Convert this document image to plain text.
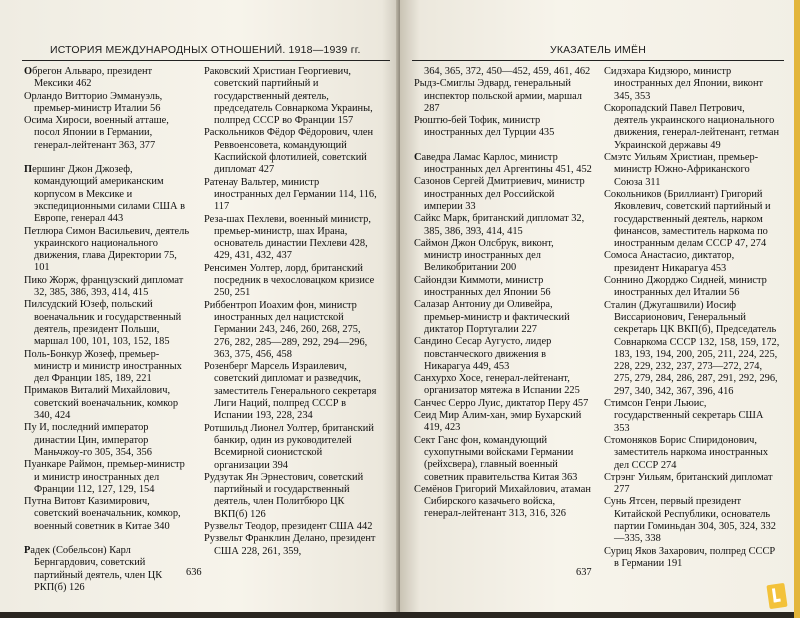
ИСТОРИЯ МЕЖДУНАРОДНЫХ ОТНОШЕНИЙ. 1918—1939 гг.
Обрегон Альваро, президент Мексики 462
Орландо Витторио Эммануэль, премьер-министр Италии 56
Осима Хироси, военный атташе, посол Японии в Германии, генерал-лейтенант 363, 377
Першинг Джон Джозеф, командующий американским корпусом в Мексике и экспедиционными силами США в Европе, генерал 443
Петлюра Симон Васильевич, деятель украинского национального движения, глава Директории 75, 101
Пико Жорж, французский дипломат 32, 385, 386, 393, 414, 415
Пилсудский Юзеф, польский военачальник и государственный деятель, президент Польши, маршал 100, 101, 103, 152, 185
Поль-Бонкур Жозеф, премьер-министр и министр иностранных дел Франции 185, 189, 221
Примаков Виталий Михайлович, советский военачальник, комкор 340, 424
Пу И, последний император династии Цин, император Маньчжоу-го 305, 354, 356
Пуанкаре Раймон, премьер-министр и министр иностранных дел Франции 112, 127, 129, 154
Путна Витовт Казимирович, советский военачальник, комкор, военный советник в Китае 340
Радек (Собельсон) Карл Бернгардович, советский партийный деятель, член ЦК РКП(б) 126
Раковский Христиан Георгиевич, советский партийный и государственный деятель, председатель Совнаркома Украины, полпред СССР во Франции 157
Раскольников Фёдор Фёдорович, член Реввоенсовета, командующий Каспийской флотилией, советский дипломат 427
Ратенау Вальтер, министр иностранных дел Германии 114, 116, 117
Реза-шах Пехлеви, военный министр, премьер-министр, шах Ирана, основатель династии Пехлеви 428, 429, 431, 432, 437
Ренсимен Уолтер, лорд, британский посредник в чехословацком кризисе 250, 251
Риббентроп Иоахим фон, министр иностранных дел нацистской Германии 243, 246, 260, 268, 275, 276, 282, 285—289, 292, 294—296, 363, 375, 456, 458
Розенберг Марсель Израилевич, советский дипломат и разведчик, заместитель Генерального секретаря Лиги Наций, полпред СССР в Испании 193, 228, 234
Ротшильд Лионел Уолтер, британский банкир, один из руководителей Всемирной сионистской организации 394
Рудзутак Ян Эрнестович, советский партийный и государственный деятель, член Политбюро ЦК ВКП(б) 126
Рузвельт Теодор, президент США 442
Рузвельт Франклин Делано, президент США 228, 261, 359,
636
УКАЗАТЕЛЬ ИМЁН
364, 365, 372, 450—452, 459, 461, 462
Рыдз-Смиглы Эдвард, генеральный инспектор польской армии, маршал 287
Рюштю-бей Тофик, министр иностранных дел Турции 435
Саведра Ламас Карлос, министр иностранных дел Аргентины 451, 452
Сазонов Сергей Дмитриевич, министр иностранных дел Российской империи 33
Сайкс Марк, британский дипломат 32, 385, 386, 393, 414, 415
Саймон Джон Олсбрук, виконт, министр иностранных дел Великобритании 200
Сайондзи Киммоти, министр иностранных дел Японии 56
Салазар Антониу ди Оливейра, премьер-министр и фактический диктатор Португалии 227
Сандино Сесар Аугусто, лидер повстанческого движения в Никарагуа 449, 453
Санхурхо Хосе, генерал-лейтенант, организатор мятежа в Испании 225
Санчес Серро Луис, диктатор Перу 457
Сеид Мир Алим-хан, эмир Бухарский 419, 423
Сект Ганс фон, командующий сухопутными войсками Германии (рейхсвера), главный военный советник правительства Китая 363
Семёнов Григорий Михайлович, атаман Сибирского казачьего войска, генерал-лейтенант 313, 316, 326
Сидэхара Кидзюро, министр иностранных дел Японии, виконт 345, 353
Скоропадский Павел Петрович, деятель украинского национального движения, генерал-лейтенант, гетман Украинской державы 49
Смэтс Уильям Христиан, премьер-министр Южно-Африканского Союза 311
Сокольников (Бриллиант) Григорий Яковлевич, советский партийный и государственный деятель, нарком финансов, заместитель наркома по иностранным делам СССР 47, 274
Сомоса Анастасио, диктатор, президент Никарагуа 453
Соннино Джорджо Сидней, министр иностранных дел Италии 56
Сталин (Джугашвили) Иосиф Виссарионович, Генеральный секретарь ЦК ВКП(б), Председатель Совнаркома СССР 132, 158, 159, 172, 183, 193, 194, 200, 205, 211, 224, 225, 228, 229, 232, 237, 273—272, 274, 275, 279, 284, 286, 287, 291, 292, 296, 297, 340, 342, 367, 396, 416
Стимсон Генри Льюис, государственный секретарь США 353
Стомоняков Борис Спиридонович, заместитель наркома иностранных дел СССР 274
Стрэнг Уильям, британский дипломат 277
Сунь Ятсен, первый президент Китайской Республики, основатель партии Гоминьдан 304, 305, 324, 332—335, 338
Суриц Яков Захарович, полпред СССР в Германии 191
637
